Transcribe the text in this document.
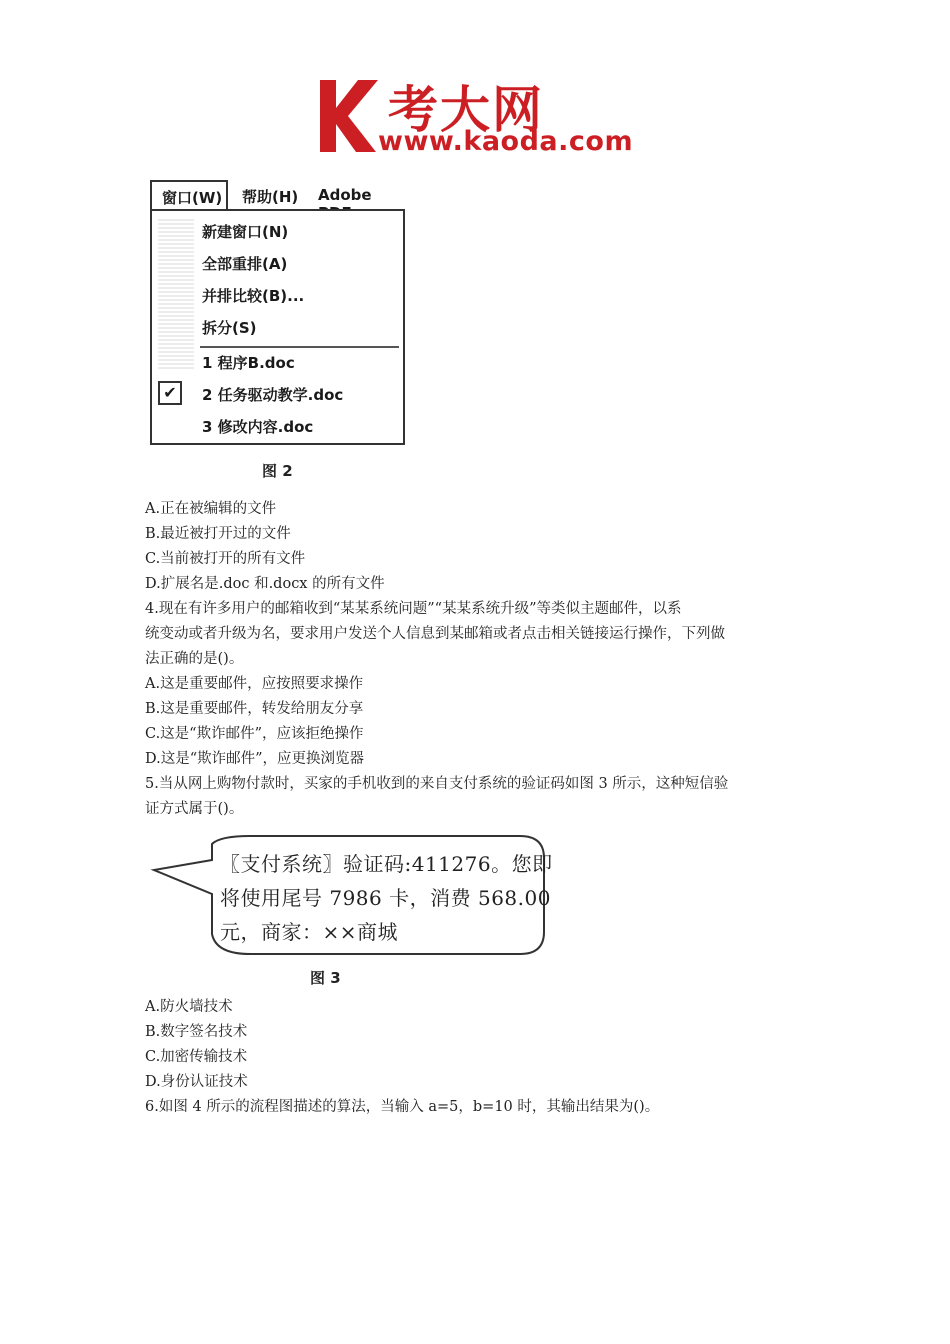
考大网
www.kaoda.com
窗口(W)	帮助(H) Adobe
新建窗口(N)
全部重排(A)
并排比较(B)...
拆分(S)
1 程序B.doc
✔	2 任务驱动教学.doc
3 修改内容.doc
图 2
A.正在被编辑的文件
B.最近被打开过的文件
C.当前被打开的所有文件
D.扩展名是.doc 和.docx 的所有文件
4.现在有许多用户的邮箱收到“某某系统问题”“某某系统升级”等类似主题邮件，以系
统变动或者升级为名，要求用户发送个人信息到某邮箱或者点击相关链接运行操作，下列做
法正确的是()。
A.这是重要邮件，应按照要求操作
B.这是重要邮件，转发给朋友分享
C.这是“欺诈邮件”，应该拒绝操作
D.这是“欺诈邮件”，应更换浏览器
5.当从网上购物付款时，买家的手机收到的来自支付系统的验证码如图 3 所示，这种短信验
证方式属于()。
〖支付系统〗验证码:411276。您即
将使用尾号 7986 卡，消费 568.00
元，商家：××商城
图 3
A.防火墙技术
B.数字签名技术
C.加密传输技术
D.身份认证技术
6.如图 4 所示的流程图描述的算法，当输入 a=5，b=10 时，其输出结果为()。
